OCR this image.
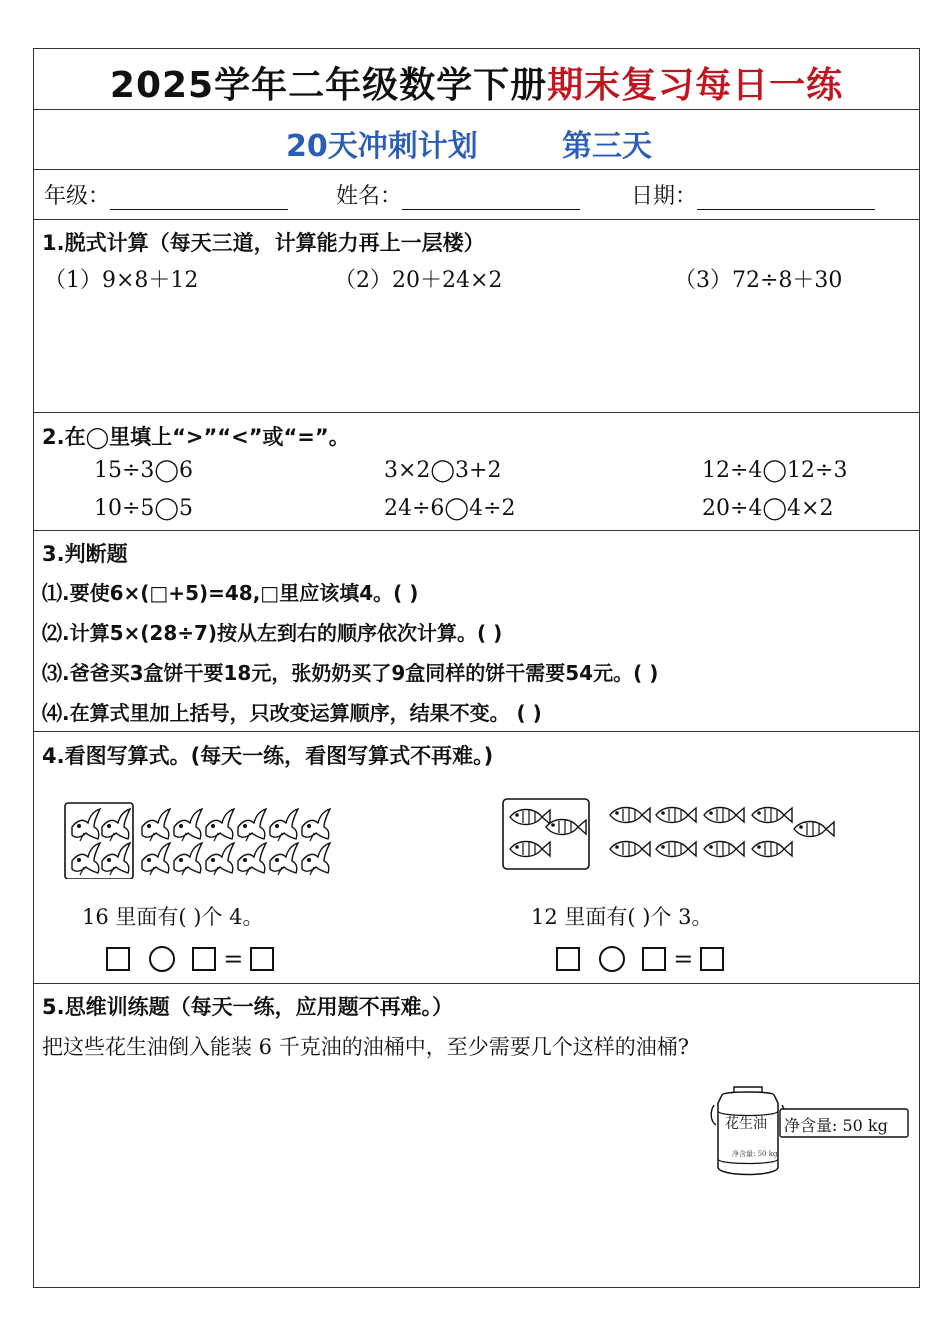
2025学年二年级数学下册期末复习每日一练
20天冲刺计划	第三天
年级：	姓名：	日期：
1.脱式计算（每天三道，计算能力再上一层楼）
（1）9×8＋12	（2）20＋24×2	（3）72÷8＋30
2.在◯里填上“>”“<”或“=”。
15÷3◯6	3×2◯3+2	12÷4◯12÷3
10÷5◯5	24÷6◯4÷2	20÷4◯4×2
3.判断题
⑴.要使6×(□+5)=48,□里应该填4。( )
⑵.计算5×(28÷7)按从左到右的顺序依次计算。( )
⑶.爸爸买3盒饼干要18元，张奶奶买了9盒同样的饼干需要54元。( )
⑷.在算式里加上括号，只改变运算顺序，结果不变。 ( )
4.看图写算式。(每天一练，看图写算式不再难。)
16 里面有( )个 4。	12 里面有( )个 3。
=	=
5.思维训练题（每天一练，应用题不再难。）
把这些花生油倒入能装 6 千克油的油桶中，至少需要几个这样的油桶?
花生油
净含量: 50 kg
净含量: 50 kg
